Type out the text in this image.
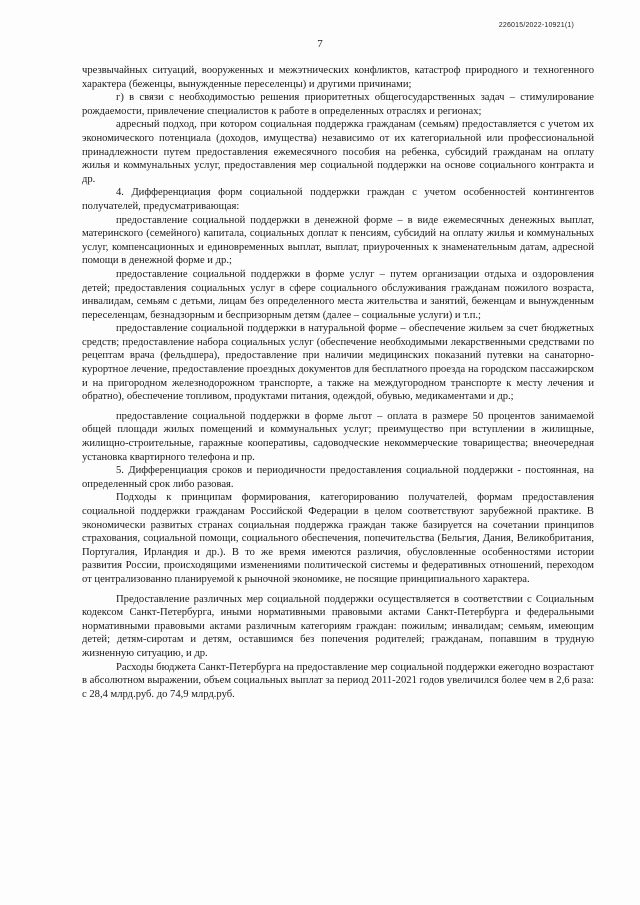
226015/2022-10921(1)
7

чрезвычайных ситуаций, вооруженных и межэтнических конфликтов, катастроф природного и техногенного характера (беженцы, вынужденные переселенцы) и другими причинами;

г) в связи с необходимостью решения приоритетных общегосударственных задач – стимулирование рождаемости, привлечение специалистов к работе в определенных отраслях и регионах;

адресный подход, при котором социальная поддержка гражданам (семьям) предоставляется с учетом их экономического потенциала (доходов, имущества) независимо от их категориальной или профессиональной принадлежности путем предоставления ежемесячного пособия на ребенка, субсидий гражданам на оплату жилья и коммунальных услуг, предоставления мер социальной поддержки на основе социального контракта и др.

4. Дифференциация форм социальной поддержки граждан с учетом особенностей контингентов получателей, предусматривающая:

предоставление социальной поддержки в денежной форме – в виде ежемесячных денежных выплат, материнского (семейного) капитала, социальных доплат к пенсиям, субсидий на оплату жилья и коммунальных услуг, компенсационных и единовременных выплат, выплат, приуроченных к знаменательным датам, адресной помощи в денежной форме и др.;

предоставление социальной поддержки в форме услуг – путем организации отдыха и оздоровления детей; предоставления социальных услуг в сфере социального обслуживания гражданам пожилого возраста, инвалидам, семьям с детьми, лицам без определенного места жительства и занятий, беженцам и вынужденным переселенцам, безнадзорным и беспризорным детям (далее – социальные услуги) и т.п.;

предоставление социальной поддержки в натуральной форме – обеспечение жильем за счет бюджетных средств; предоставление набора социальных услуг (обеспечение необходимыми лекарственными средствами по рецептам врача (фельдшера), предоставление при наличии медицинских показаний путевки на санаторно-курортное лечение, предоставление проездных документов для бесплатного проезда на городском пассажирском и на пригородном железнодорожном транспорте, а также на междугородном транспорте к месту лечения и обратно), обеспечение топливом, продуктами питания, одеждой, обувью, медикаментами и др.;

предоставление социальной поддержки в форме льгот – оплата в размере 50 процентов занимаемой общей площади жилых помещений и коммунальных услуг; преимущество при вступлении в жилищные, жилищно-строительные, гаражные кооперативы, садоводческие некоммерческие товарищества; внеочередная установка квартирного телефона и пр.

5. Дифференциация сроков и периодичности предоставления социальной поддержки - постоянная, на определенный срок либо разовая.

Подходы к принципам формирования, категорированию получателей, формам предоставления социальной поддержки гражданам Российской Федерации в целом соответствуют зарубежной практике. В экономически развитых странах социальная поддержка граждан также базируется на сочетании принципов страхования, социальной помощи, социального обеспечения, попечительства (Бельгия, Дания, Великобритания, Португалия, Ирландия и др.). В то же время имеются различия, обусловленные особенностями истории развития России, происходящими изменениями политической системы и федеративных отношений, переходом от централизованно планируемой к рыночной экономике, не посящие принципиального характера.

Предоставление различных мер социальной поддержки осуществляется в соответствии с Социальным кодексом Санкт-Петербурга, иными нормативными правовыми актами Санкт-Петербурга и федеральными нормативными правовыми актами различным категориям граждан: пожилым; инвалидам; семьям, имеющим детей; детям-сиротам и детям, оставшимся без попечения родителей; гражданам, попавшим в трудную жизненную ситуацию, и др.

Расходы бюджета Санкт-Петербурга на предоставление мер социальной поддержки ежегодно возрастают в абсолютном выражении, объем социальных выплат за период 2011-2021 годов увеличился более чем в 2,6 раза: с 28,4 млрд.руб. до 74,9 млрд.руб.
